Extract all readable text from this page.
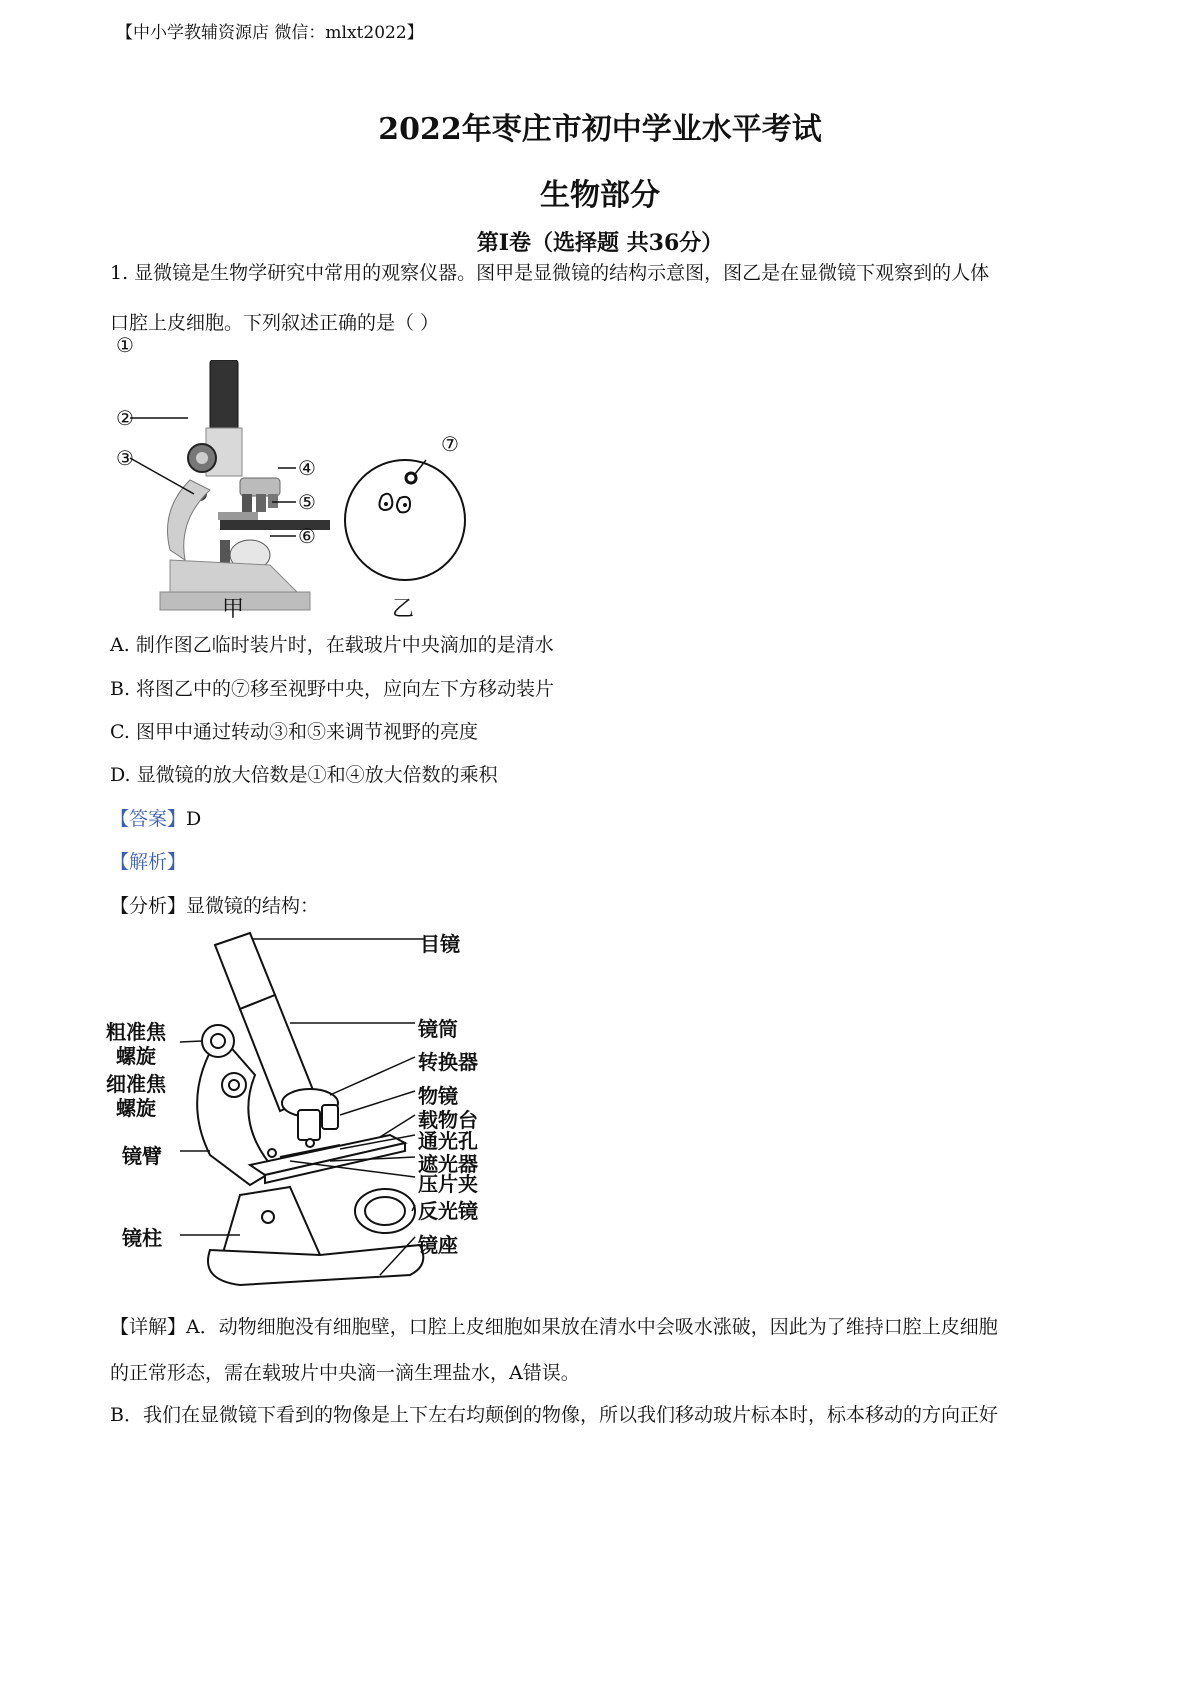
【中小学教辅资源店 微信：mlxt2022】
2022年枣庄市初中学业水平考试
生物部分
第Ⅰ卷（选择题 共36分）
1. 显微镜是生物学研究中常用的观察仪器。图甲是显微镜的结构示意图，图乙是在显微镜下观察到的人体
口腔上皮细胞。下列叙述正确的是（ ）
①
②
③	④
⑤
⑥
⑦
甲	乙
A. 制作图乙临时装片时，在载玻片中央滴加的是清水
B. 将图乙中的⑦移至视野中央，应向左下方移动装片
C. 图甲中通过转动③和⑤来调节视野的亮度
D. 显微镜的放大倍数是①和④放大倍数的乘积
【答案】D
【解析】
【分析】显微镜的结构：
目镜
镜筒
转换器
物镜
载物台
通光孔
遮光器
压片夹
反光镜
镜座
粗准焦
螺旋
细准焦
螺旋
镜臂
镜柱
【详解】A．动物细胞没有细胞壁，口腔上皮细胞如果放在清水中会吸水涨破，因此为了维持口腔上皮细胞
的正常形态，需在载玻片中央滴一滴生理盐水，A错误。
B．我们在显微镜下看到的物像是上下左右均颠倒的物像，所以我们移动玻片标本时，标本移动的方向正好
